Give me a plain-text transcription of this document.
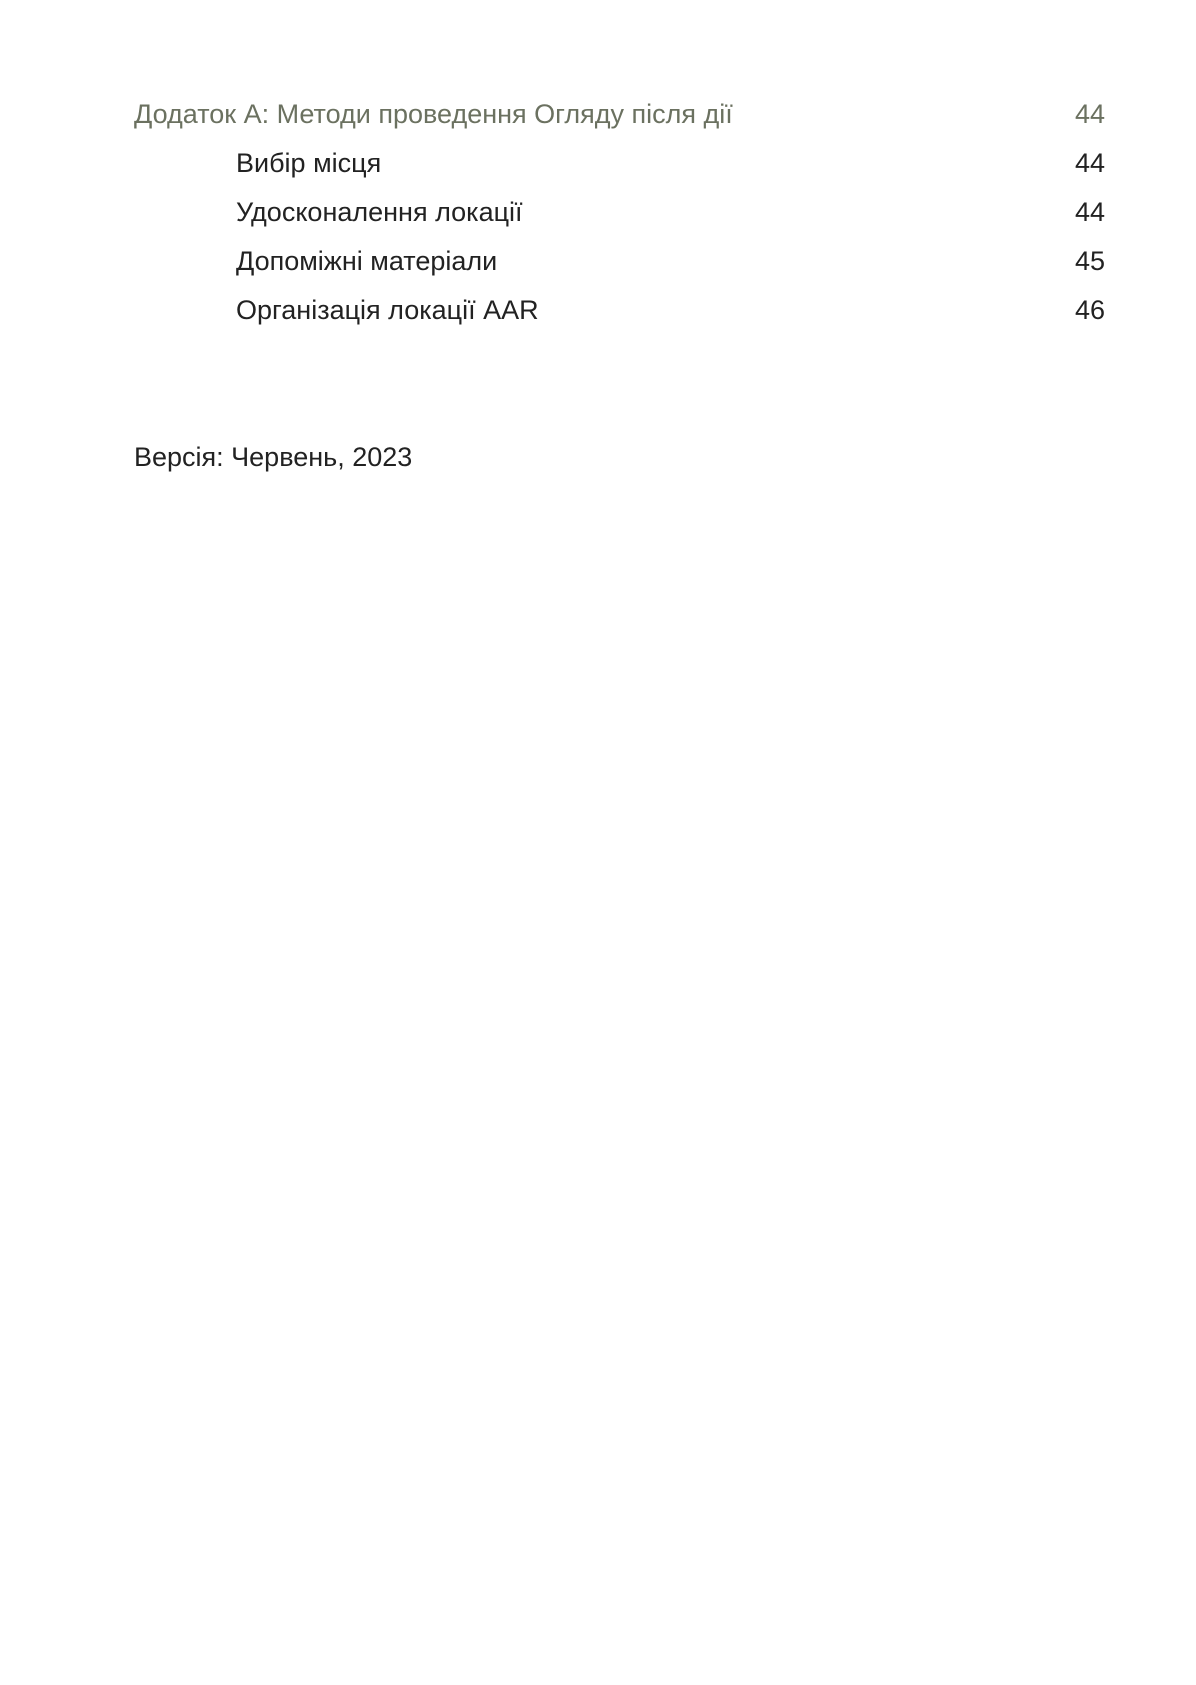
Додаток А: Методи проведення Огляду після дії	44
Вибір місця	44
Удосконалення локації	44
Допоміжні матеріали	45
Організація локації AAR	46
Версія: Червень, 2023
